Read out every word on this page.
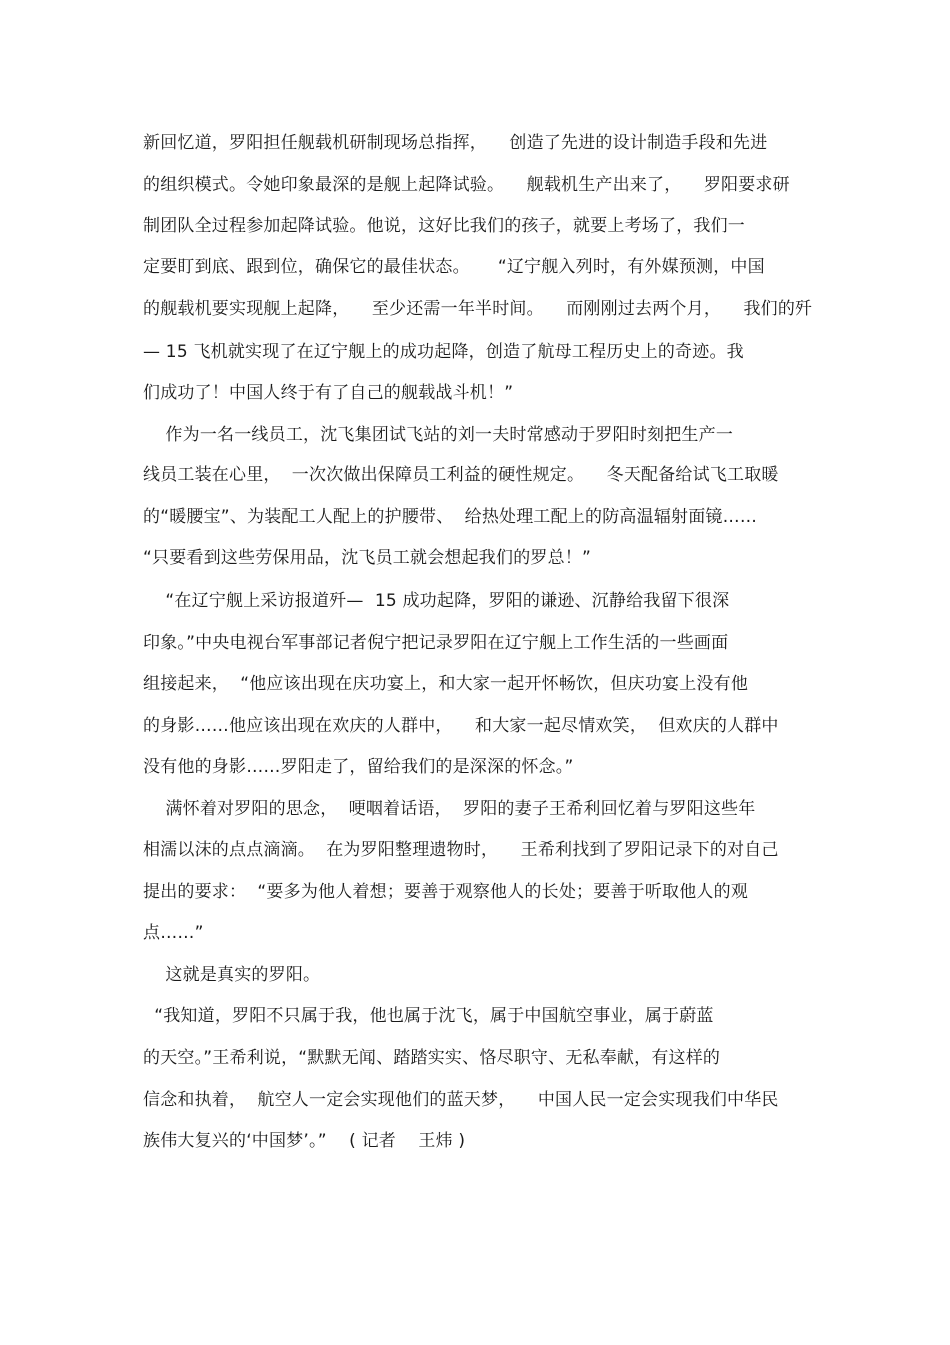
新回忆道，罗阳担任舰载机研制现场总指挥，    创造了先进的设计制造手段和先进
的组织模式。令她印象最深的是舰上起降试验。    舰载机生产出来了，    罗阳要求研
制团队全过程参加起降试验。他说，这好比我们的孩子，就要上考场了，我们一
定要盯到底、跟到位，确保它的最佳状态。     “辽宁舰入列时，有外媒预测，中国
的舰载机要实现舰上起降，    至少还需一年半时间。    而刚刚过去两个月，    我们的歼
— 15 飞机就实现了在辽宁舰上的成功起降，创造了航母工程历史上的奇迹。我
们成功了！中国人终于有了自己的舰载战斗机！”
作为一名一线员工，沈飞集团试飞站的刘一夫时常感动于罗阳时刻把生产一
线员工装在心里，  一次次做出保障员工利益的硬性规定。    冬天配备给试飞工取暖
的“暖腰宝”、为装配工人配上的护腰带、  给热处理工配上的防高温辐射面镜……
“只要看到这些劳保用品，沈飞员工就会想起我们的罗总！”
“在辽宁舰上采访报道歼—  15 成功起降，罗阳的谦逊、沉静给我留下很深
印象。”中央电视台军事部记者倪宁把记录罗阳在辽宁舰上工作生活的一些画面
组接起来，  “他应该出现在庆功宴上，和大家一起开怀畅饮，但庆功宴上没有他
的身影……他应该出现在欢庆的人群中，    和大家一起尽情欢笑，  但欢庆的人群中
没有他的身影……罗阳走了，留给我们的是深深的怀念。”
满怀着对罗阳的思念，  哽咽着话语，  罗阳的妻子王希利回忆着与罗阳这些年
相濡以沫的点点滴滴。  在为罗阳整理遗物时，    王希利找到了罗阳记录下的对自己
提出的要求：  “要多为他人着想；要善于观察他人的长处；要善于听取他人的观
点……”
这就是真实的罗阳。
“我知道，罗阳不只属于我，他也属于沈飞，属于中国航空事业，属于蔚蓝
的天空。”王希利说，“默默无闻、踏踏实实、恪尽职守、无私奉献，有这样的
信念和执着，  航空人一定会实现他们的蓝天梦，    中国人民一定会实现我们中华民
族伟大复兴的‘中国梦’。”    ( 记者    王炜 )
